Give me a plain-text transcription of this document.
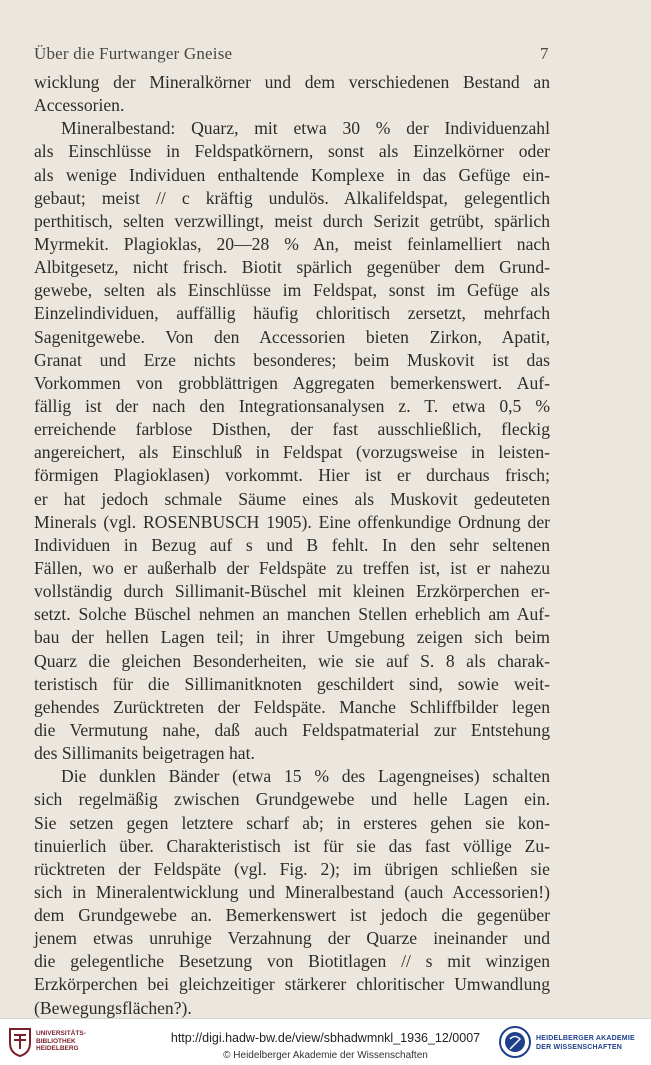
Über die Furtwanger Gneise	7
wicklung der Mineralkörner und dem verschiedenen Bestand an
Accessorien.
Mineralbestand: Quarz, mit etwa 30 % der Individuenzahl
als Einschlüsse in Feldspatkörnern, sonst als Einzelkörner oder
als wenige Individuen enthaltende Komplexe in das Gefüge ein-
gebaut; meist // c kräftig undulös. Alkalifeldspat, gelegentlich
perthitisch, selten verzwillingt, meist durch Serizit getrübt, spärlich
Myrmekit. Plagioklas, 20—28 % An, meist feinlamelliert nach
Albitgesetz, nicht frisch. Biotit spärlich gegenüber dem Grund-
gewebe, selten als Einschlüsse im Feldspat, sonst im Gefüge als
Einzelindividuen, auffällig häufig chloritisch zersetzt, mehrfach
Sagenitgewebe. Von den Accessorien bieten Zirkon, Apatit,
Granat und Erze nichts besonderes; beim Muskovit ist das
Vorkommen von grobblättrigen Aggregaten bemerkenswert. Auf-
fällig ist der nach den Integrationsanalysen z. T. etwa 0,5 %
erreichende farblose Disthen, der fast ausschließlich, fleckig
angereichert, als Einschluß in Feldspat (vorzugsweise in leisten-
förmigen Plagioklasen) vorkommt. Hier ist er durchaus frisch;
er hat jedoch schmale Säume eines als Muskovit gedeuteten
Minerals (vgl. ROSENBUSCH 1905). Eine offenkundige Ordnung der
Individuen in Bezug auf s und B fehlt. In den sehr seltenen
Fällen, wo er außerhalb der Feldspäte zu treffen ist, ist er nahezu
vollständig durch Sillimanit-Büschel mit kleinen Erzkörperchen er-
setzt. Solche Büschel nehmen an manchen Stellen erheblich am Auf-
bau der hellen Lagen teil; in ihrer Umgebung zeigen sich beim
Quarz die gleichen Besonderheiten, wie sie auf S. 8 als charak-
teristisch für die Sillimanitknoten geschildert sind, sowie weit-
gehendes Zurücktreten der Feldspäte. Manche Schliffbilder legen
die Vermutung nahe, daß auch Feldspatmaterial zur Entstehung
des Sillimanits beigetragen hat.
Die dunklen Bänder (etwa 15 % des Lagengneises) schalten
sich regelmäßig zwischen Grundgewebe und helle Lagen ein.
Sie setzen gegen letztere scharf ab; in ersteres gehen sie kon-
tinuierlich über. Charakteristisch ist für sie das fast völlige Zu-
rücktreten der Feldspäte (vgl. Fig. 2); im übrigen schließen sie
sich in Mineralentwicklung und Mineralbestand (auch Accessorien!)
dem Grundgewebe an. Bemerkenswert ist jedoch die gegenüber
jenem etwas unruhige Verzahnung der Quarze ineinander und
die gelegentliche Besetzung von Biotitlagen // s mit winzigen
Erzkörperchen bei gleichzeitiger stärkerer chloritischer Umwandlung
(Bewegungsflächen?).
UNIVERSITÄTS- BIBLIOTHEK HEIDELBERG
http://digi.hadw-bw.de/view/sbhadwmnkl_1936_12/0007
© Heidelberger Akademie der Wissenschaften
HEIDELBERGER AKADEMIE DER WISSENSCHAFTEN
